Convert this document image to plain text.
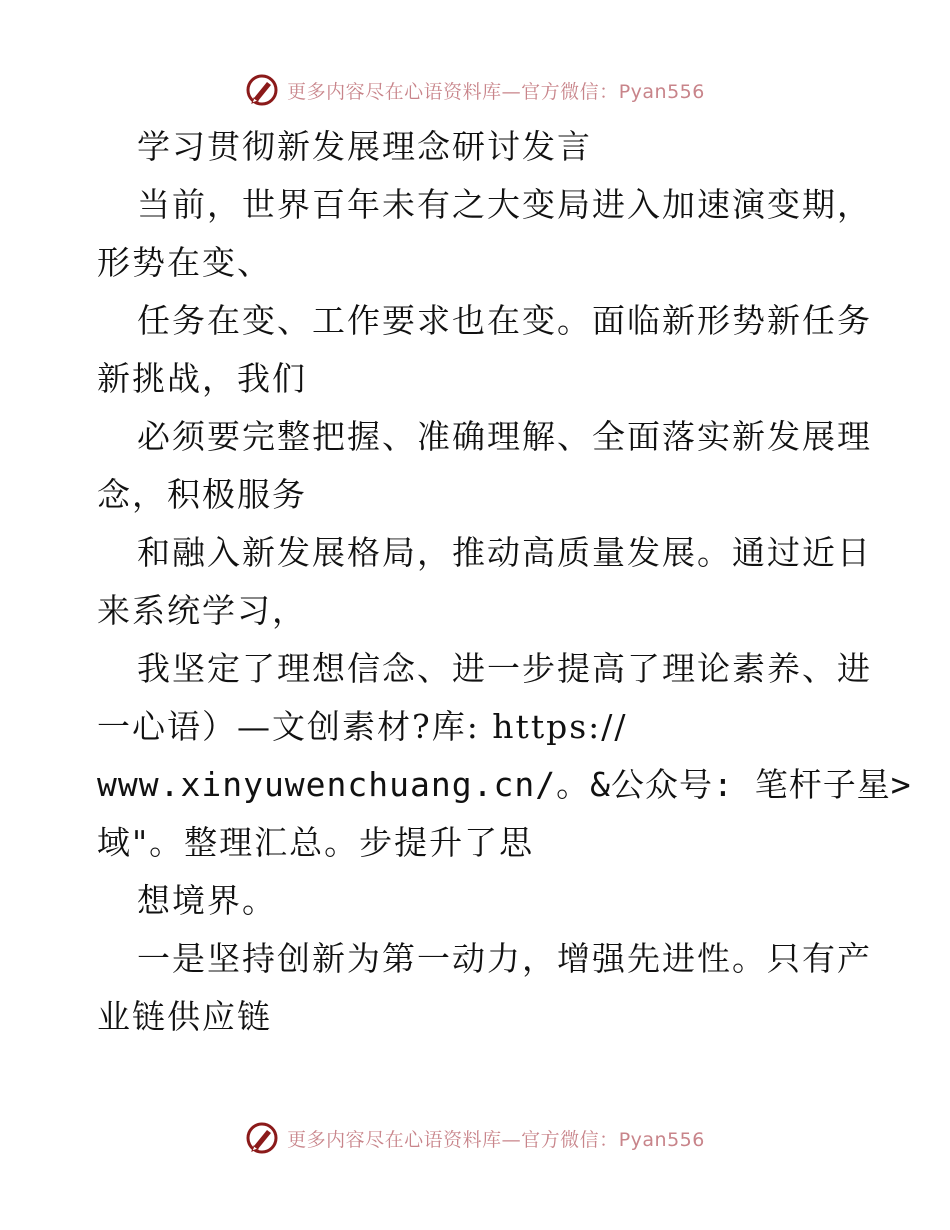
更多内容尽在心语资料库—官方微信：Pyan556
学习贯彻新发展理念研讨发言
当前，世界百年未有之大变局进入加速演变期，
形势在变、
任务在变、工作要求也在变。面临新形势新任务
新挑战，我们
必须要完整把握、准确理解、全面落实新发展理
念，积极服务
和融入新发展格局，推动高质量发展。通过近日
来系统学习，
我坚定了理想信念、进一步提高了理论素养、进
一心语）—文创素材?库: https://
www.xinyuwenchuang.cn/。&公众号: 笔杆子星>
域"。整理汇总。步提升了思
想境界。
一是坚持创新为第一动力，增强先进性。只有产
业链供应链
更多内容尽在心语资料库—官方微信：Pyan556
